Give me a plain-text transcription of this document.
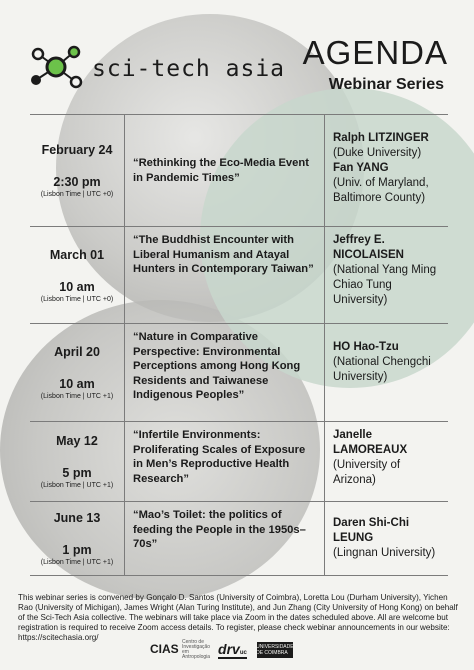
sci-tech asia AGENDA
Webinar Series
February 24
2:30 pm
(Lisbon Time | UTC +0)
“Rethinking the Eco-Media Event in Pandemic Times”
Ralph LITZINGER
(Duke University)
Fan YANG
(Univ. of Maryland, Baltimore County)
March 01
10 am
(Lisbon Time | UTC +0)
“The Buddhist Encounter with Liberal Humanism and Atayal Hunters in Contemporary Taiwan”
Jeffrey E. NICOLAISEN
(National Yang Ming Chiao Tung University)
April 20
10 am
(Lisbon Time | UTC +1)
“Nature in Comparative Perspective: Environmental Perceptions among Hong Kong Residents and Taiwanese Indigenous Peoples”
HO Hao-Tzu
(National Chengchi University)
May 12
5 pm
(Lisbon Time | UTC +1)
“Infertile Environments: Proliferating Scales of Exposure in Men’s Reproductive Health Research”
Janelle LAMOREAUX
(University of Arizona)
June 13
1 pm
(Lisbon Time | UTC +1)
“Mao’s Toilet: the politics of feeding the People in the 1950s–70s”
Daren Shi-Chi LEUNG
(Lingnan University)
This webinar series is convened by Gonçalo D. Santos (University of Coimbra), Loretta Lou (Durham University), Yichen Rao (University of Michigan), James Wright (Alan Turing Institute), and Jun Zhang (City University of Hong Kong) on behalf of the Sci-Tech Asia collective. The webinars will take place via Zoom in the dates scheduled above. All are welcome but registration is required to receive Zoom access details. To register, please check webinar announcements in our website: https://scitechasia.org/
CIAS Centro de Investigação em Antropologia drvuc
UNIVERSIDADE DE COIMBRA
